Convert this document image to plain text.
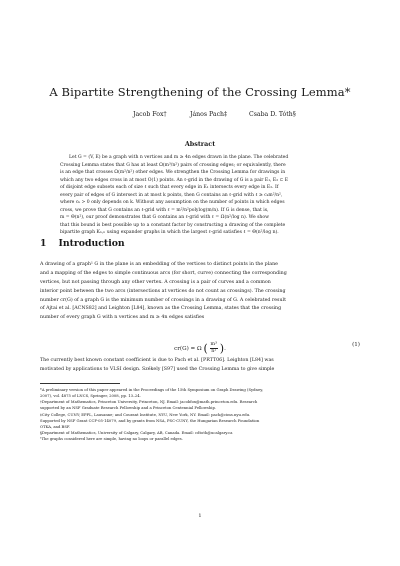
A Bipartite Strengthening of the Crossing Lemma*
Jacob Fox†	János Pach‡	Csaba D. Tóth§
Abstract
Let G = (V, E) be a graph with n vertices and m ≥ 4n edges drawn in the plane. The celebrated
Crossing Lemma states that G has at least Ω(m³/n²) pairs of crossing edges; or equivalently, there
is an edge that crosses Ω(m²/n²) other edges. We strengthen the Crossing Lemma for drawings in
which any two edges cross in at most O(1) points. An ℓ-grid in the drawing of G is a pair E₁, E₂ ⊂ E
of disjoint edge subsets each of size ℓ such that every edge in E₁ intersects every edge in E₂. If
every pair of edges of G intersect in at most k points, then G contains an ℓ-grid with ℓ ≥ cₖm²/n²,
where cₖ > 0 only depends on k. Without any assumption on the number of points in which edges
cross, we prove that G contains an ℓ-grid with ℓ = m²/n²polylog(m/n). If G is dense, that is,
m = Θ(n²), our proof demonstrates that G contains an ℓ-grid with ℓ = Ω(n²/log n). We show
that this bound is best possible up to a constant factor by constructing a drawing of the complete
bipartite graph Kₙ,ₙ using expander graphs in which the largest ℓ-grid satisfies ℓ = Θ(n²/log n).
1 Introduction
A drawing of a graph¹ G in the plane is an embedding of the vertices to distinct points in the plane
and a mapping of the edges to simple continuous arcs (for short, curve) connecting the corresponding
vertices, but not passing through any other vertex. A crossing is a pair of curves and a common
interior point between the two arcs (intersections at vertices do not count as crossings). The crossing
number cr(G) of a graph G is the minimum number of crossings in a drawing of G. A celebrated result
of Ajtai et al. [ACNS82] and Leighton [L84], known as the Crossing Lemma, states that the crossing
number of every graph G with n vertices and m ≥ 4n edges satisfies
cr(G) = Ω ( $\frac{\text{m³}}{\text{n²}}$ ).
(1)
The currently best known constant coefficient is due to Pach et al. [PRTT06]. Leighton [L84] was
motivated by applications to VLSI design. Székely [S97] used the Crossing Lemma to give simple
*A preliminary version of this paper appeared in the Proceedings of the 15th Symposium on Graph Drawing (Sydney,
2007), vol. 4875 of LNCS, Springer, 2008, pp. 13–24.
†Department of Mathematics, Princeton University, Princeton, NJ. Email: jacobfox@math.princeton.edu. Research
supported by an NSF Graduate Research Fellowship and a Princeton Centennial Fellowship.
‡City College, CUNY; EPFL, Lausanne; and Courant Institute, NYU, New York, NY. Email: pach@cims.nyu.edu.
Supported by NSF Grant CCF-05-14079, and by grants from NSA, PSC-CUNY, the Hungarian Research Foundation
OTKA, and BSF.
§Department of Mathematics, University of Calgary, Calgary, AB, Canada. Email: cdtoth@ucalgary.ca
¹The graphs considered here are simple, having no loops or parallel edges.
1
